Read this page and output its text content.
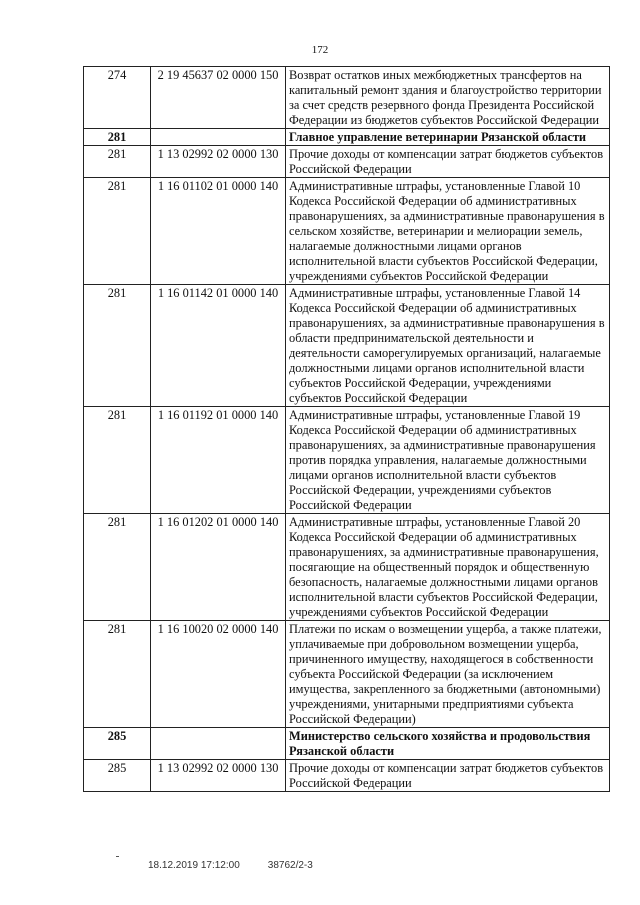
172
274	2 19 45637 02 0000 150	Возврат остатков иных межбюджетных трансфертов на капитальный ремонт здания и благоустройство территории за счет средств резервного фонда Президента Российской Федерации из бюджетов субъектов Российской Федерации
281		Главное управление ветеринарии Рязанской области
281	1 13 02992 02 0000 130	Прочие доходы от компенсации затрат бюджетов субъектов Российской Федерации
281	1 16 01102 01 0000 140	Административные штрафы, установленные Главой 10 Кодекса Российской Федерации об административных правонарушениях, за административные правонарушения в сельском хозяйстве, ветеринарии и мелиорации земель, налагаемые должностными лицами органов исполнительной власти субъектов Российской Федерации, учреждениями субъектов Российской Федерации
281	1 16 01142 01 0000 140	Административные штрафы, установленные Главой 14 Кодекса Российской Федерации об административных правонарушениях, за административные правонарушения в области предпринимательской деятельности и деятельности саморегулируемых организаций, налагаемые должностными лицами органов исполнительной власти субъектов Российской Федерации, учреждениями субъектов Российской Федерации
281	1 16 01192 01 0000 140	Административные штрафы, установленные Главой 19 Кодекса Российской Федерации об административных правонарушениях, за административные правонарушения против порядка управления, налагаемые должностными лицами органов исполнительной власти субъектов Российской Федерации, учреждениями субъектов Российской Федерации
281	1 16 01202 01 0000 140	Административные штрафы, установленные Главой 20 Кодекса Российской Федерации об административных правонарушениях, за административные правонарушения, посягающие на общественный порядок и общественную безопасность, налагаемые должностными лицами органов исполнительной власти субъектов Российской Федерации, учреждениями субъектов Российской Федерации
281	1 16 10020 02 0000 140	Платежи по искам о возмещении ущерба, а также платежи, уплачиваемые при добровольном возмещении ущерба, причиненного имуществу, находящегося в собственности субъекта Российской Федерации (за исключением имущества, закрепленного за бюджетными (автономными) учреждениями, унитарными предприятиями субъекта Российской Федерации)
285		Министерство сельского хозяйства и продовольствия Рязанской области
285	1 13 02992 02 0000 130	Прочие доходы от компенсации затрат бюджетов субъектов Российской Федерации
18.12.2019 17:12:00	38762/2-3
